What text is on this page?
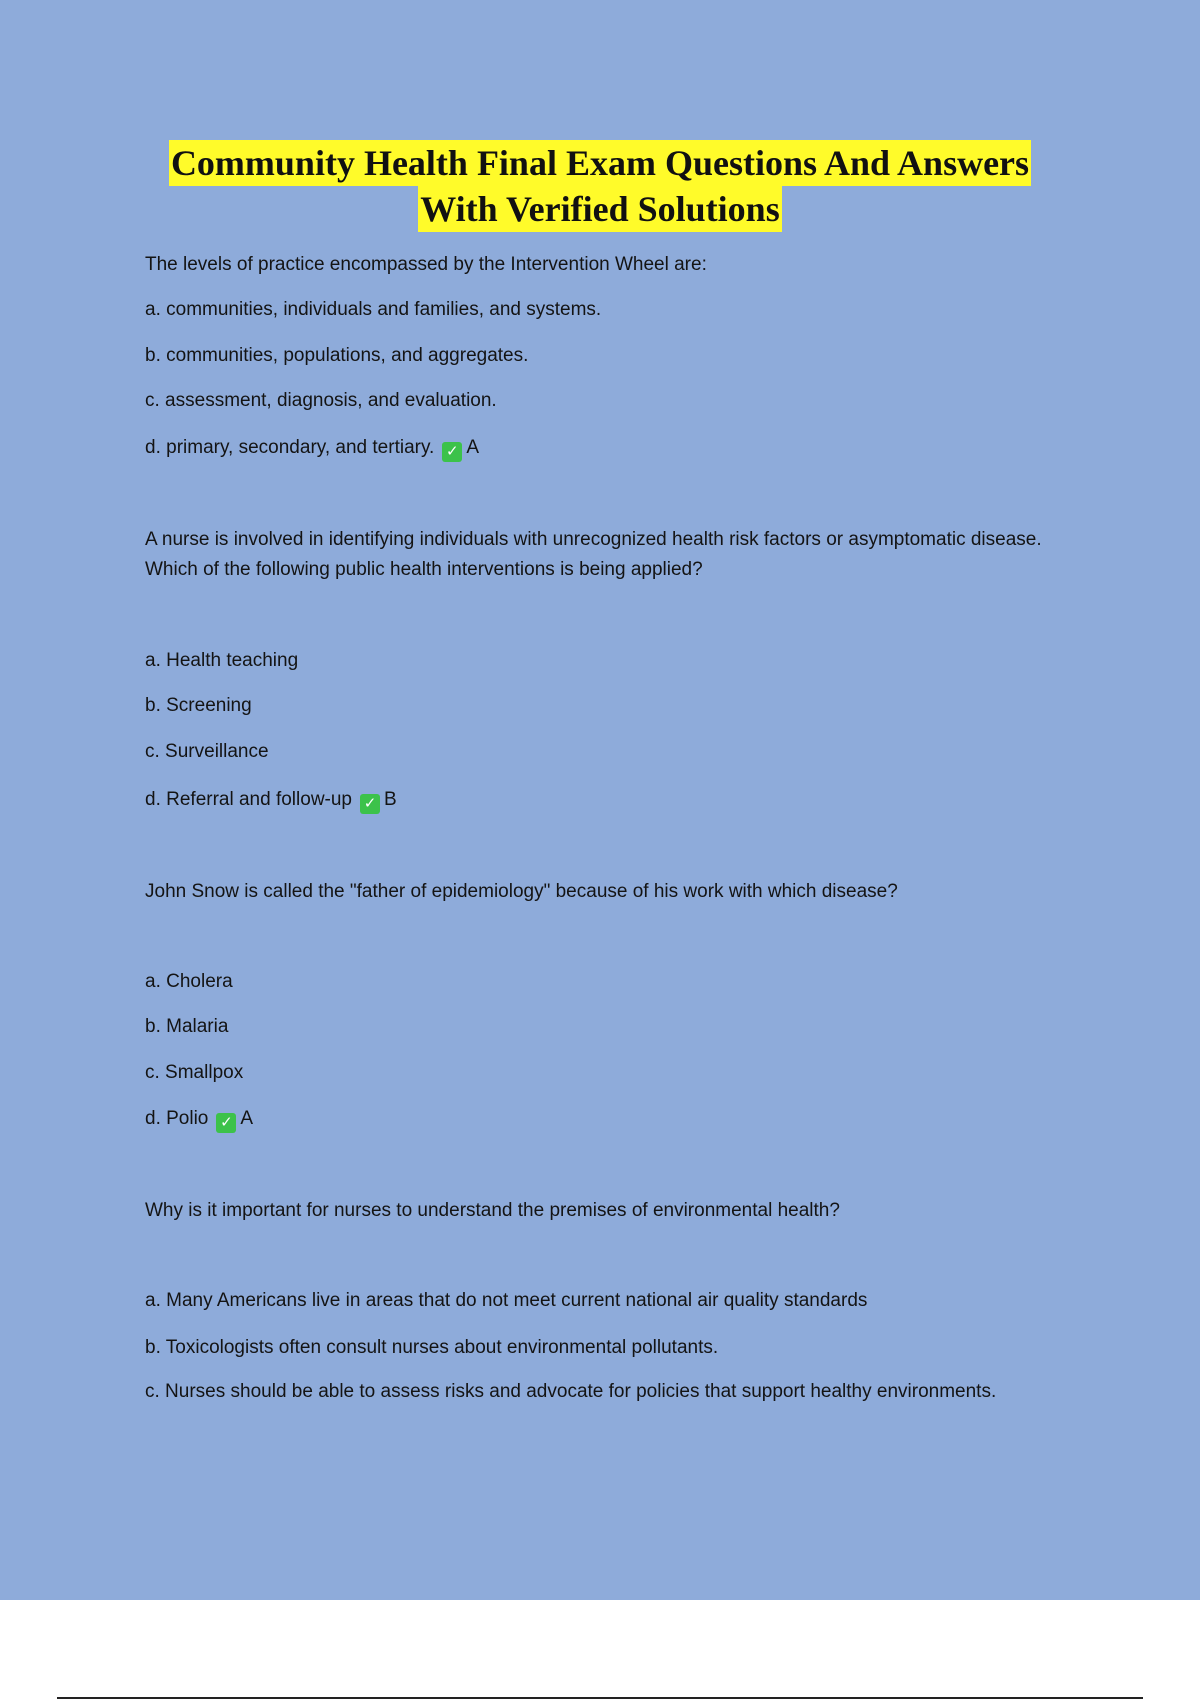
Community Health Final Exam Questions And Answers
With Verified Solutions
The levels of practice encompassed by the Intervention Wheel are:
a. communities, individuals and families, and systems.
b. communities, populations, and aggregates.
c. assessment, diagnosis, and evaluation.
d. primary, secondary, and tertiary. ✓ A
A nurse is involved in identifying individuals with unrecognized health risk factors or asymptomatic disease. Which of the following public health interventions is being applied?
a. Health teaching
b. Screening
c. Surveillance
d. Referral and follow-up ✓ B
John Snow is called the "father of epidemiology" because of his work with which disease?
a. Cholera
b. Malaria
c. Smallpox
d. Polio ✓ A
Why is it important for nurses to understand the premises of environmental health?
a. Many Americans live in areas that do not meet current national air quality standards
b. Toxicologists often consult nurses about environmental pollutants.
c. Nurses should be able to assess risks and advocate for policies that support healthy environments.
